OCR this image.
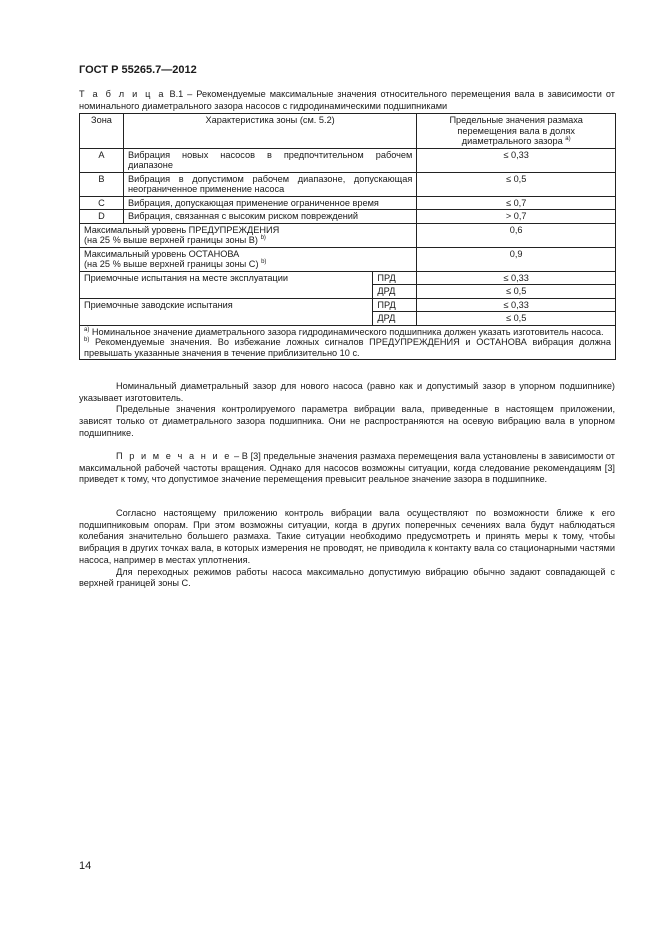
ГОСТ Р 55265.7—2012
Т а б л и ц а В.1 – Рекомендуемые максимальные значения относительного перемещения вала в зависимости от номинального диаметрального зазора насосов с гидродинамическими подшипниками
Зона	Характеристика зоны (см. 5.2)		Предельные значения размаха перемещения вала в долях диаметрального зазора $^{а)}$
A	Вибрация новых насосов в предпочтительном рабочем диапазоне		≤ 0,33
B	Вибрация в допустимом рабочем диапазоне, допускающая неограниченное применение насоса		≤ 0,5
C	Вибрация, допускающая применение ограниченное время		≤ 0,7
D	Вибрация, связанная с высоким риском повреждений		> 0,7
Максимальный уровень ПРЕДУПРЕЖДЕНИЯ
(на 25 % выше верхней границы зоны B) $^{b)}$			0,6
Максимальный уровень ОСТАНОВА
(на 25 % выше верхней границы зоны C) $^{b)}$			0,9
Приемочные испытания на месте эксплуатации		ПРД	≤ 0,33
		ДРД	≤ 0,5
Приемочные заводские испытания		ПРД	≤ 0,33
		ДРД	≤ 0,5

$^{а)}$ Номинальное значение диаметрального зазора гидродинамического подшипника должен указать изготовитель насоса.
$^{b)}$ Рекомендуемые значения. Во избежание ложных сигналов ПРЕДУПРЕЖДЕНИЯ и ОСТАНОВА вибрация должна превышать указанные значения в течение приблизительно 10 с.			

Номинальный диаметральный зазор для нового насоса (равно как и допустимый зазор в упорном подшипнике) указывает изготовитель.

Предельные значения контролируемого параметра вибрации вала, приведенные в настоящем приложении, зависят только от диаметрального зазора подшипника. Они не распространяются на осевую вибрацию вала в упорном подшипнике.

П р и м е ч а н и е – В [3] предельные значения размаха перемещения вала установлены в зависимости от максимальной рабочей частоты вращения. Однако для насосов возможны ситуации, когда следование рекомендациям [3] приведет к тому, что допустимое значение перемещения превысит реальное значение зазора в подшипнике.

Согласно настоящему приложению контроль вибрации вала осуществляют по возможности ближе к его подшипниковым опорам. При этом возможны ситуации, когда в других поперечных сечениях вала будут наблюдаться колебания значительно большего размаха. Такие ситуации необходимо предусмотреть и принять меры к тому, чтобы вибрация в других точках вала, в которых измерения не проводят, не приводила к контакту вала со стационарными частями насоса, например в местах уплотнения.

Для переходных режимов работы насоса максимально допустимую вибрацию обычно задают совпадающей с верхней границей зоны C.

14
